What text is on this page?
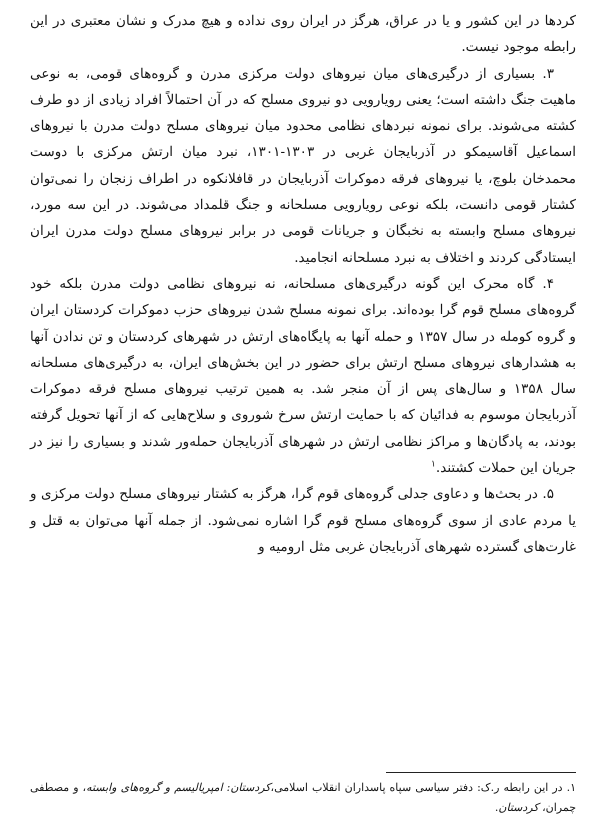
کردها در این کشور و یا در عراق، هرگز در ایران روی نداده و هیچ مدرک و نشان معتبری در این رابطه موجود نیست.

۳. بسیاری از درگیری‌های میان نیروهای دولت مرکزی مدرن و گروه‌های قومی، به نوعی ماهیت جنگ داشته است؛ یعنی رویارویی دو نیروی مسلح که در آن احتمالاً افراد زیادی از دو طرف کشته می‌شوند. برای نمونه نبردهای نظامی محدود میان نیروهای مسلح دولت مدرن با نیروهای اسماعیل آقاسیمکو در آذربایجان غربی در ۱۳۰۳-۱۳۰۱، نبرد میان ارتش مرکزی با دوست محمدخان بلوچ، یا نیروهای فرقه دموکرات آذربایجان در قافلانکوه در اطراف زنجان را نمی‌توان کشتار قومی دانست، بلکه نوعی رویارویی مسلحانه و جنگ قلمداد می‌شوند. در این سه مورد، نیروهای مسلح وابسته به نخبگان و جریانات قومی در برابر نیروهای مسلح دولت مدرن ایران ایستادگی کردند و اختلاف به نبرد مسلحانه انجامید.

۴. گاه محرک این گونه درگیری‌های مسلحانه، نه نیروهای نظامی دولت مدرن بلکه خود گروه‌های مسلح قوم گرا بوده‌اند. برای نمونه مسلح شدن نیروهای حزب دموکرات کردستان ایران و گروه کومله در سال ۱۳۵۷ و حمله آنها به پایگاه‌های ارتش در شهرهای کردستان و تن ندادن آنها به هشدارهای نیروهای مسلح ارتش برای حضور در این بخش‌های ایران، به درگیری‌های مسلحانه سال ۱۳۵۸ و سال‌های پس از آن منجر شد. به همین ترتیب نیروهای مسلح فرقه دموکرات آذربایجان موسوم به فدائیان که با حمایت ارتش سرخ شوروی و سلاح‌هایی که از آنها تحویل گرفته بودند، به پادگان‌ها و مراکز نظامی ارتش در شهرهای آذربایجان حمله‌ور شدند و بسیاری را نیز در جریان این حملات کشتند.$^۱$

۵. در بحث‌ها و دعاوی جدلی گروه‌های قوم گرا، هرگز به کشتار نیروهای مسلح دولت مرکزی و یا مردم عادی از سوی گروه‌های مسلح قوم گرا اشاره نمی‌شود. از جمله آنها می‌توان به قتل و غارت‌های گسترده شهرهای آذربایجان غربی مثل ارومیه و

۱. در این رابطه ر.ک: دفتر سیاسی سپاه پاسداران انقلاب اسلامی،کردستان: امپریالیسم و گروه‌های وابسته، و مصطفی چمران، کردستان.
